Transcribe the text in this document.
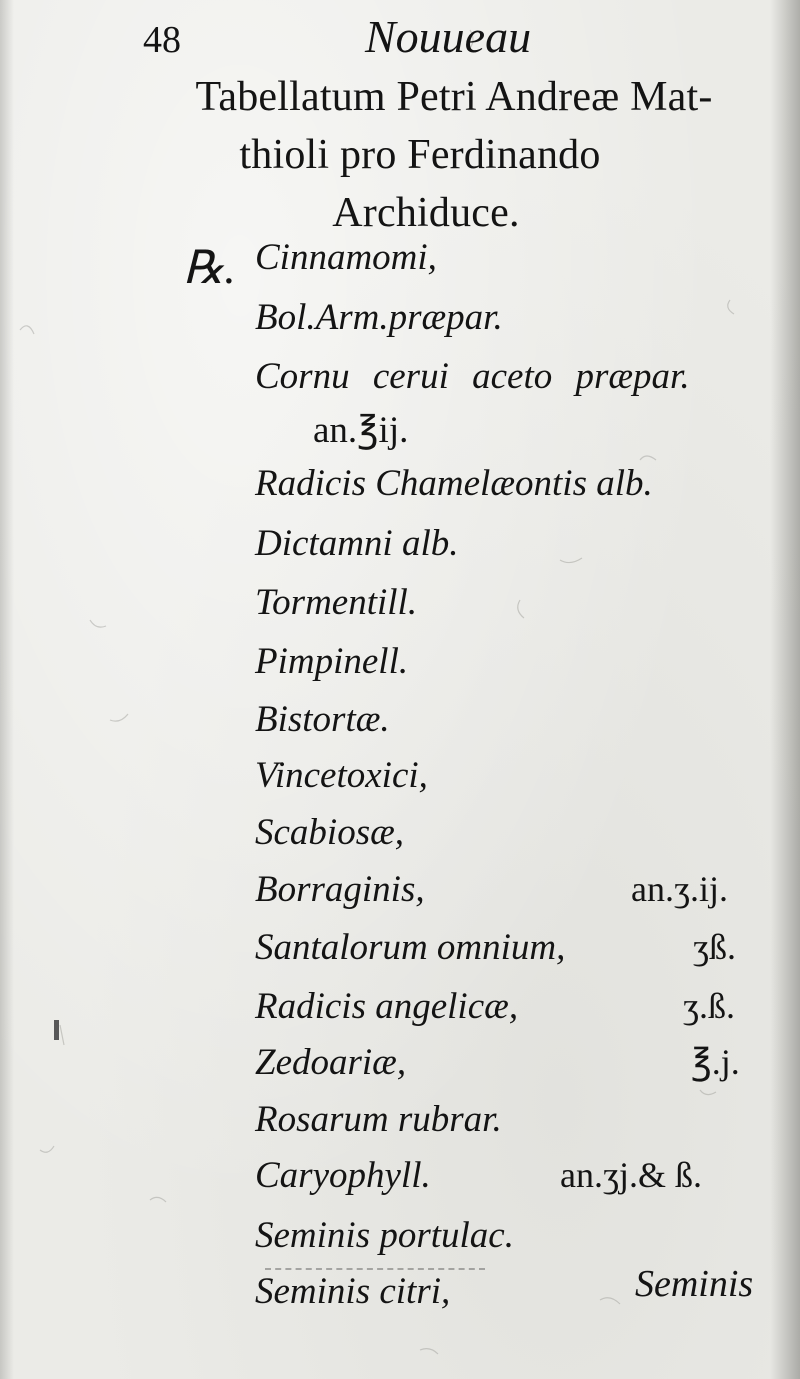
48	Nouueau
Tabellatum Petri Andreæ Mat-
thioli pro Ferdinando
Archiduce.
℞. Cinnamomi,
Bol.Arm.præpar.
Cornu cerui aceto præpar.
an.℥ij.
Radicis Chamelæontis alb.
Dictamni alb.
Tormentill.
Pimpinell.
Bistortæ.
Vincetoxici,
Scabiosæ,
Borraginis,
Santalorum omnium,
Radicis angelicæ,
Zedoariæ,
Rosarum rubrar.
Caryophyll.
Seminis portulac.
Seminis citri,
an.ʒ.ij.
ʒß.
ʒ.ß.
℥.j.
an.ʒj.& ß.
Seminis
